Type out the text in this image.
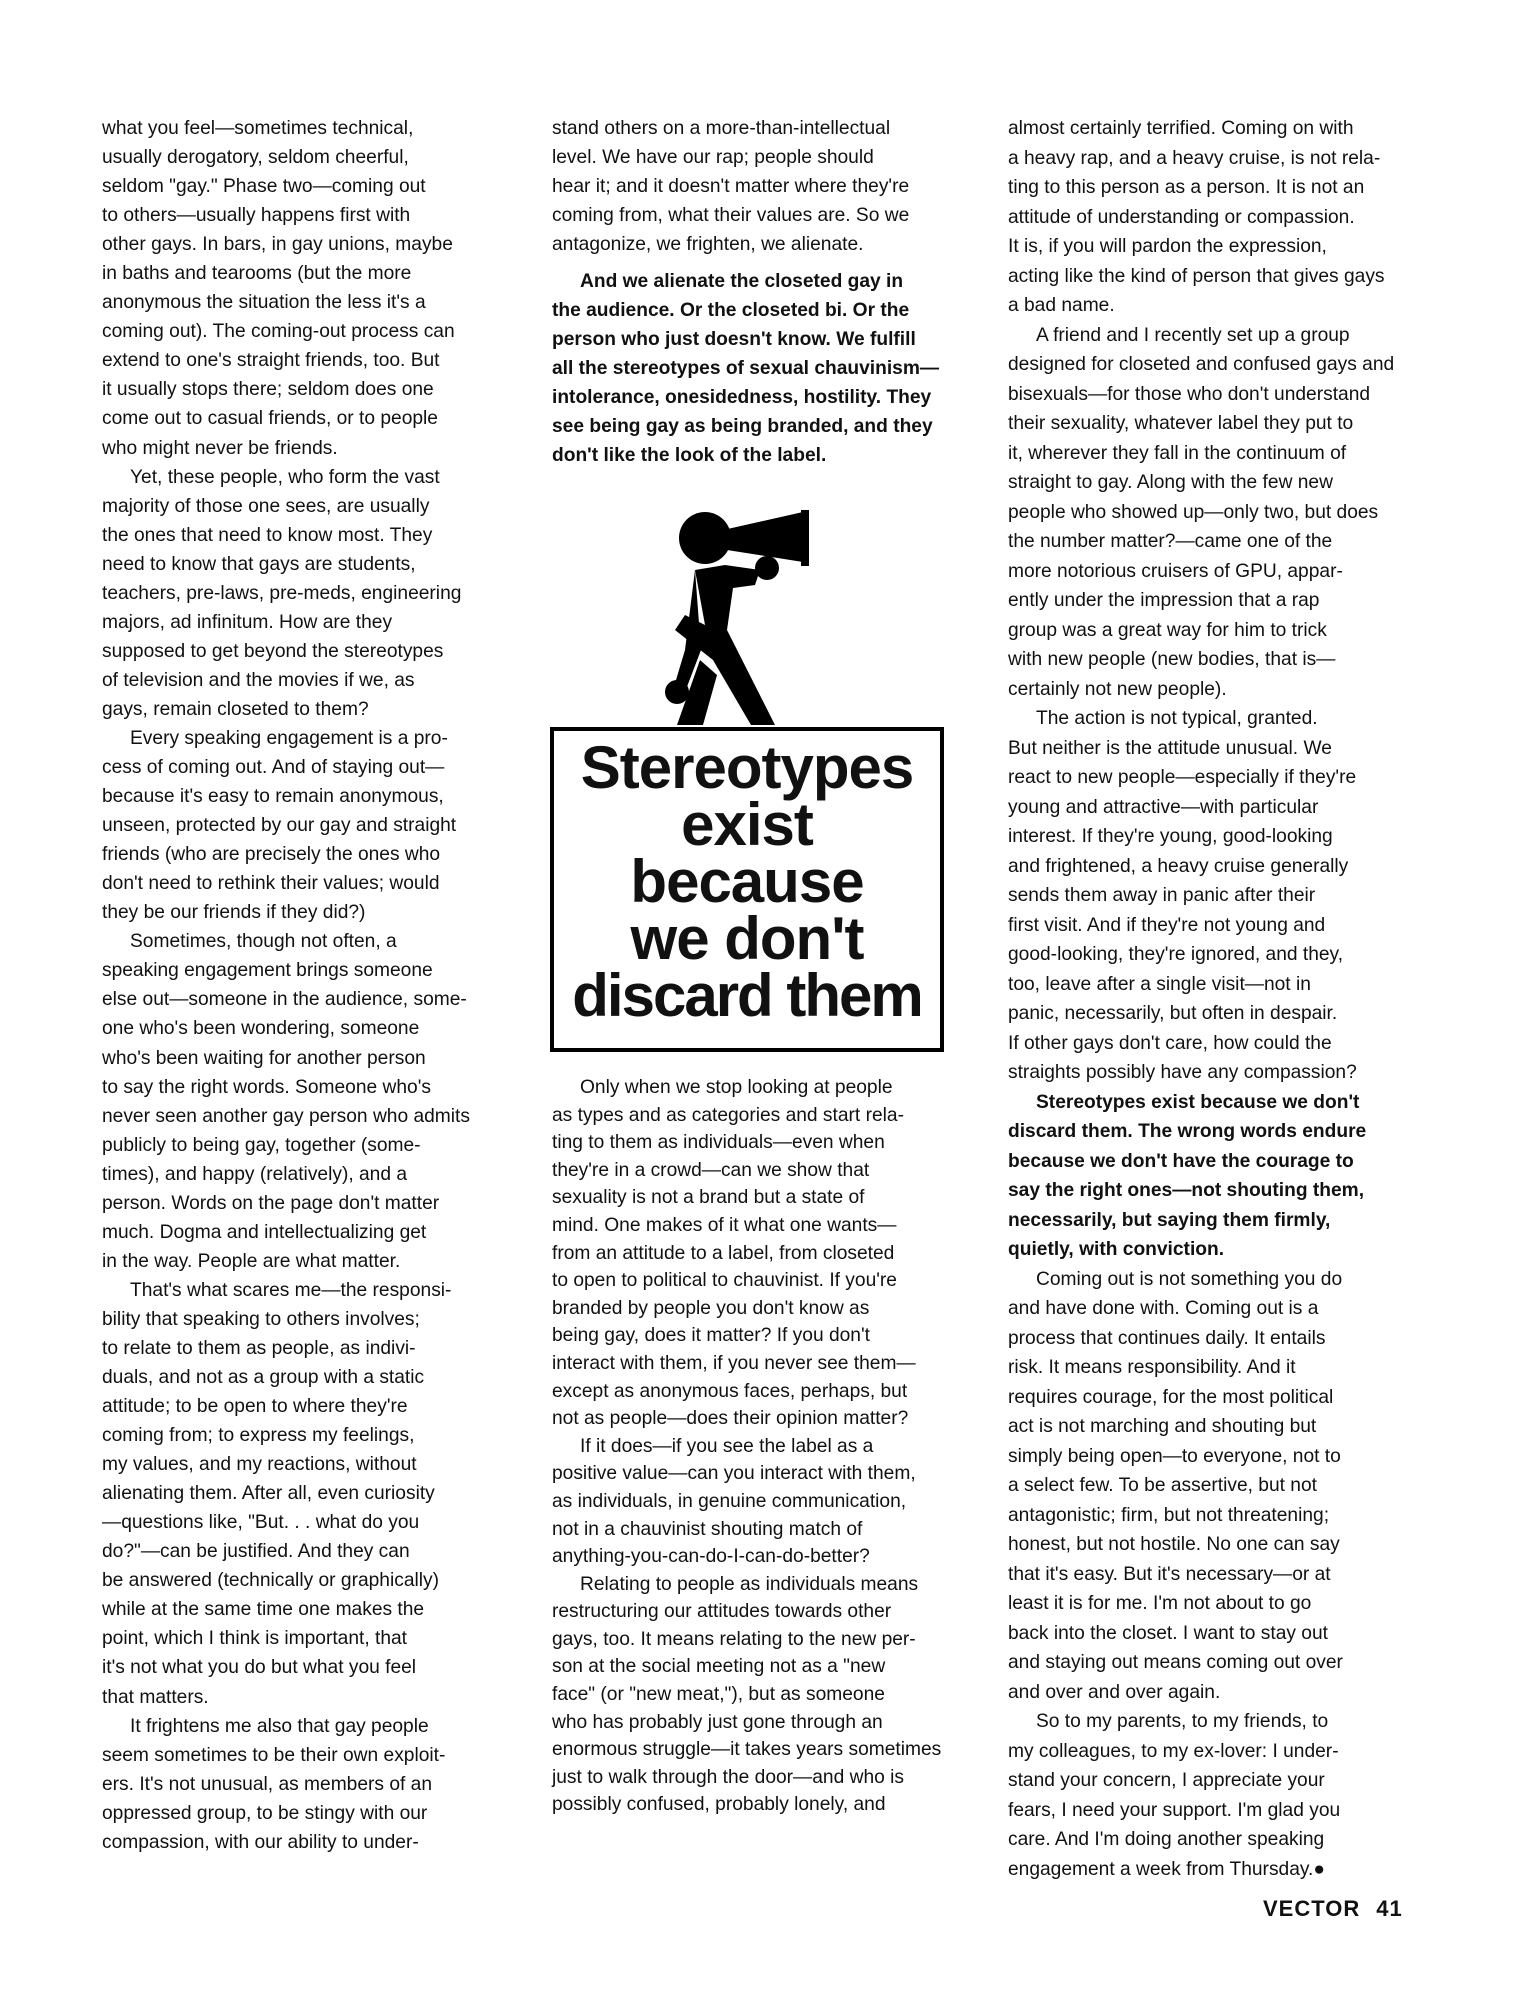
what you feel—sometimes technical,
usually derogatory, seldom cheerful,
seldom "gay." Phase two—coming out
to others—usually happens first with
other gays. In bars, in gay unions, maybe
in baths and tearooms (but the more
anonymous the situation the less it's a
coming out). The coming-out process can
extend to one's straight friends, too. But
it usually stops there; seldom does one
come out to casual friends, or to people
who might never be friends.
Yet, these people, who form the vast
majority of those one sees, are usually
the ones that need to know most. They
need to know that gays are students,
teachers, pre-laws, pre-meds, engineering
majors, ad infinitum. How are they
supposed to get beyond the stereotypes
of television and the movies if we, as
gays, remain closeted to them?
Every speaking engagement is a pro-
cess of coming out. And of staying out—
because it's easy to remain anonymous,
unseen, protected by our gay and straight
friends (who are precisely the ones who
don't need to rethink their values; would
they be our friends if they did?)
Sometimes, though not often, a
speaking engagement brings someone
else out—someone in the audience, some-
one who's been wondering, someone
who's been waiting for another person
to say the right words. Someone who's
never seen another gay person who admits
publicly to being gay, together (some-
times), and happy (relatively), and a
person. Words on the page don't matter
much. Dogma and intellectualizing get
in the way. People are what matter.
That's what scares me—the responsi-
bility that speaking to others involves;
to relate to them as people, as indivi-
duals, and not as a group with a static
attitude; to be open to where they're
coming from; to express my feelings,
my values, and my reactions, without
alienating them. After all, even curiosity
—questions like, "But. . . what do you
do?"—can be justified. And they can
be answered (technically or graphically)
while at the same time one makes the
point, which I think is important, that
it's not what you do but what you feel
that matters.
It frightens me also that gay people
seem sometimes to be their own exploit-
ers. It's not unusual, as members of an
oppressed group, to be stingy with our
compassion, with our ability to under-
stand others on a more-than-intellectual
level. We have our rap; people should
hear it; and it doesn't matter where they're
coming from, what their values are. So we
antagonize, we frighten, we alienate.
And we alienate the closeted gay in
the audience. Or the closeted bi. Or the
person who just doesn't know. We fulfill
all the stereotypes of sexual chauvinism—
intolerance, onesidedness, hostility. They
see being gay as being branded, and they
don't like the look of the label.
Stereotypes
exist
because
we don't
discard them
Only when we stop looking at people
as types and as categories and start rela-
ting to them as individuals—even when
they're in a crowd—can we show that
sexuality is not a brand but a state of
mind. One makes of it what one wants—
from an attitude to a label, from closeted
to open to political to chauvinist. If you're
branded by people you don't know as
being gay, does it matter? If you don't
interact with them, if you never see them—
except as anonymous faces, perhaps, but
not as people—does their opinion matter?
If it does—if you see the label as a
positive value—can you interact with them,
as individuals, in genuine communication,
not in a chauvinist shouting match of
anything-you-can-do-I-can-do-better?
Relating to people as individuals means
restructuring our attitudes towards other
gays, too. It means relating to the new per-
son at the social meeting not as a "new
face" (or "new meat,"), but as someone
who has probably just gone through an
enormous struggle—it takes years sometimes
just to walk through the door—and who is
possibly confused, probably lonely, and
almost certainly terrified. Coming on with
a heavy rap, and a heavy cruise, is not rela-
ting to this person as a person. It is not an
attitude of understanding or compassion.
It is, if you will pardon the expression,
acting like the kind of person that gives gays
a bad name.
A friend and I recently set up a group
designed for closeted and confused gays and
bisexuals—for those who don't understand
their sexuality, whatever label they put to
it, wherever they fall in the continuum of
straight to gay. Along with the few new
people who showed up—only two, but does
the number matter?—came one of the
more notorious cruisers of GPU, appar-
ently under the impression that a rap
group was a great way for him to trick
with new people (new bodies, that is—
certainly not new people).
The action is not typical, granted.
But neither is the attitude unusual. We
react to new people—especially if they're
young and attractive—with particular
interest. If they're young, good-looking
and frightened, a heavy cruise generally
sends them away in panic after their
first visit. And if they're not young and
good-looking, they're ignored, and they,
too, leave after a single visit—not in
panic, necessarily, but often in despair.
If other gays don't care, how could the
straights possibly have any compassion?
Stereotypes exist because we don't
discard them. The wrong words endure
because we don't have the courage to
say the right ones—not shouting them,
necessarily, but saying them firmly,
quietly, with conviction.
Coming out is not something you do
and have done with. Coming out is a
process that continues daily. It entails
risk. It means responsibility. And it
requires courage, for the most political
act is not marching and shouting but
simply being open—to everyone, not to
a select few. To be assertive, but not
antagonistic; firm, but not threatening;
honest, but not hostile. No one can say
that it's easy. But it's necessary—or at
least it is for me. I'm not about to go
back into the closet. I want to stay out
and staying out means coming out over
and over and over again.
So to my parents, to my friends, to
my colleagues, to my ex-lover: I under-
stand your concern, I appreciate your
fears, I need your support. I'm glad you
care. And I'm doing another speaking
engagement a week from Thursday.●
VECTOR 41
